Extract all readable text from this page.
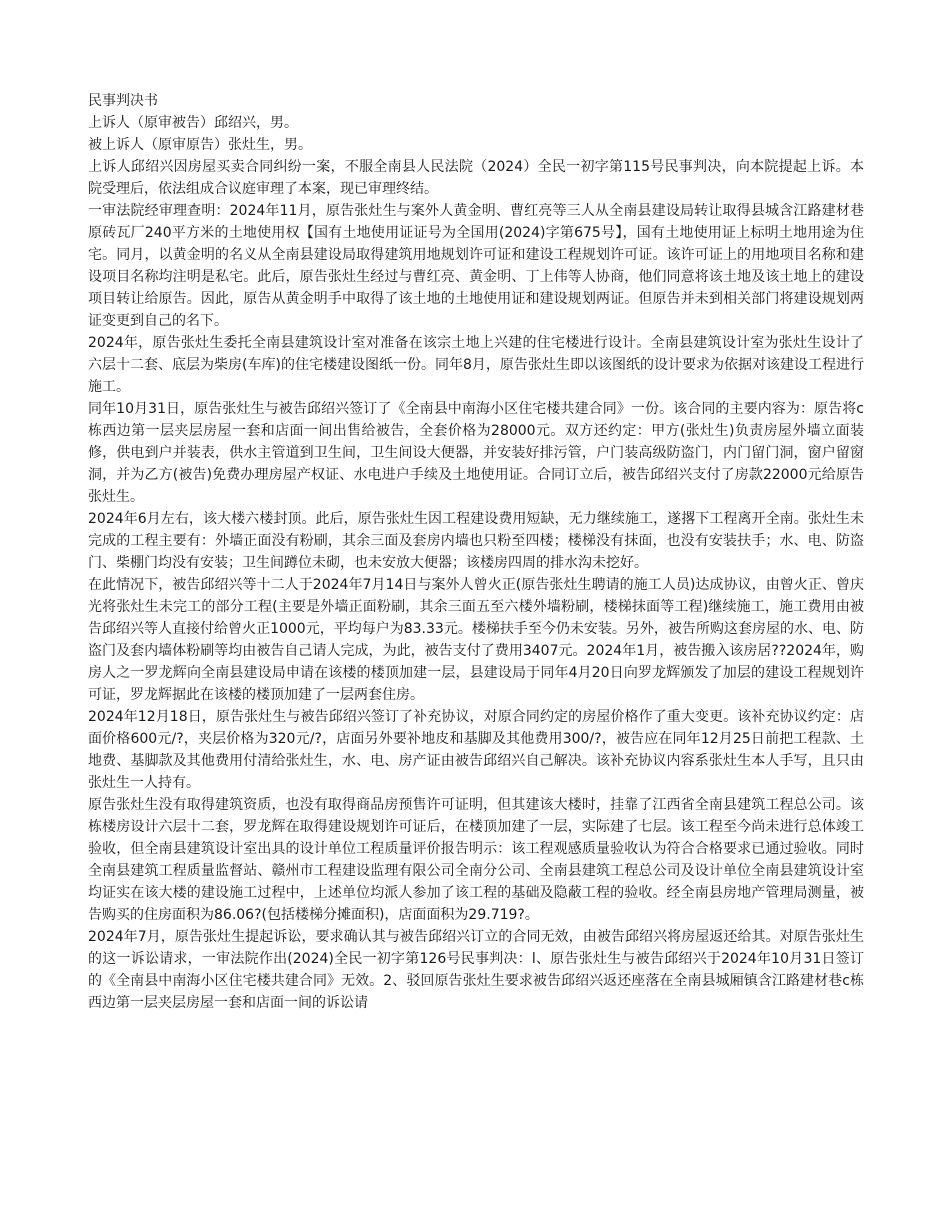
民事判决书

上诉人（原审被告）邱绍兴，男。

被上诉人（原审原告）张灶生，男。

上诉人邱绍兴因房屋买卖合同纠纷一案，不服全南县人民法院（2024）全民一初字第115号民事判决，向本院提起上诉。本院受理后，依法组成合议庭审理了本案，现已审理终结。

一审法院经审理查明：2024年11月，原告张灶生与案外人黄金明、曹红亮等三人从全南县建设局转让取得县城含江路建材巷原砖瓦厂240平方米的土地使用权【国有土地使用证证号为全国用(2024)字第675号】，国有土地使用证上标明土地用途为住宅。同月，以黄金明的名义从全南县建设局取得建筑用地规划许可证和建设工程规划许可证。该许可证上的用地项目名称和建设项目名称均注明是私宅。此后，原告张灶生经过与曹红亮、黄金明、丁上伟等人协商，他们同意将该土地及该土地上的建设项目转让给原告。因此，原告从黄金明手中取得了该土地的土地使用证和建设规划两证。但原告并未到相关部门将建设规划两证变更到自己的名下。

2024年，原告张灶生委托全南县建筑设计室对准备在该宗土地上兴建的住宅楼进行设计。全南县建筑设计室为张灶生设计了六层十二套、底层为柴房(车库)的住宅楼建设图纸一份。同年8月，原告张灶生即以该图纸的设计要求为依据对该建设工程进行施工。

同年10月31日，原告张灶生与被告邱绍兴签订了《全南县中南海小区住宅楼共建合同》一份。该合同的主要内容为：原告将c栋西边第一层夹层房屋一套和店面一间出售给被告，全套价格为28000元。双方还约定：甲方(张灶生)负责房屋外墙立面装修，供电到户并装表，供水主管道到卫生间，卫生间设大便器，并安装好排污管，户门装高级防盗门，内门留门洞，窗户留窗洞，并为乙方(被告)免费办理房屋产权证、水电进户手续及土地使用证。合同订立后，被告邱绍兴支付了房款22000元给原告张灶生。

2024年6月左右，该大楼六楼封顶。此后，原告张灶生因工程建设费用短缺，无力继续施工，遂撂下工程离开全南。张灶生未完成的工程主要有：外墙正面没有粉刷，其余三面及套房内墙也只粉至四楼；楼梯没有抹面，也没有安装扶手；水、电、防盗门、柴棚门均没有安装；卫生间蹲位未砌，也未安放大便器；该楼房四周的排水沟未挖好。

在此情况下，被告邱绍兴等十二人于2024年7月14日与案外人曾火正(原告张灶生聘请的施工人员)达成协议，由曾火正、曾庆光将张灶生未完工的部分工程(主要是外墙正面粉刷，其余三面五至六楼外墙粉刷，楼梯抹面等工程)继续施工，施工费用由被告邱绍兴等人直接付给曾火正1000元，平均每户为83.33元。楼梯扶手至今仍未安装。另外，被告所购这套房屋的水、电、防盗门及套内墙体粉刷等均由被告自己请人完成，为此，被告支付了费用3407元。2024年1月，被告搬入该房居??2024年，购房人之一罗龙辉向全南县建设局申请在该楼的楼顶加建一层，县建设局于同年4月20日向罗龙辉颁发了加层的建设工程规划许可证，罗龙辉据此在该楼的楼顶加建了一层两套住房。

2024年12月18日，原告张灶生与被告邱绍兴签订了补充协议，对原合同约定的房屋价格作了重大变更。该补充协议约定：店面价格600元/?，夹层价格为320元/?，店面另外要补地皮和基脚及其他费用300/?，被告应在同年12月25日前把工程款、土地费、基脚款及其他费用付清给张灶生，水、电、房产证由被告邱绍兴自己解决。该补充协议内容系张灶生本人手写，且只由张灶生一人持有。

原告张灶生没有取得建筑资质，也没有取得商品房预售许可证明，但其建该大楼时，挂靠了江西省全南县建筑工程总公司。该栋楼房设计六层十二套，罗龙辉在取得建设规划许可证后，在楼顶加建了一层，实际建了七层。该工程至今尚未进行总体竣工验收，但全南县建筑设计室出具的设计单位工程质量评价报告明示：该工程观感质量验收认为符合合格要求已通过验收。同时全南县建筑工程质量监督站、赣州市工程建设监理有限公司全南分公司、全南县建筑工程总公司及设计单位全南县建筑设计室均证实在该大楼的建设施工过程中，上述单位均派人参加了该工程的基础及隐蔽工程的验收。经全南县房地产管理局测量，被告购买的住房面积为86.06?(包括楼梯分摊面积)，店面面积为29.719?。

2024年7月，原告张灶生提起诉讼，要求确认其与被告邱绍兴订立的合同无效，由被告邱绍兴将房屋返还给其。对原告张灶生的这一诉讼请求，一审法院作出(2024)全民一初字第126号民事判决：l、原告张灶生与被告邱绍兴于2024年10月31日签订的《全南县中南海小区住宅楼共建合同》无效。2、驳回原告张灶生要求被告邱绍兴返还座落在全南县城厢镇含江路建材巷c栋西边第一层夹层房屋一套和店面一间的诉讼请
